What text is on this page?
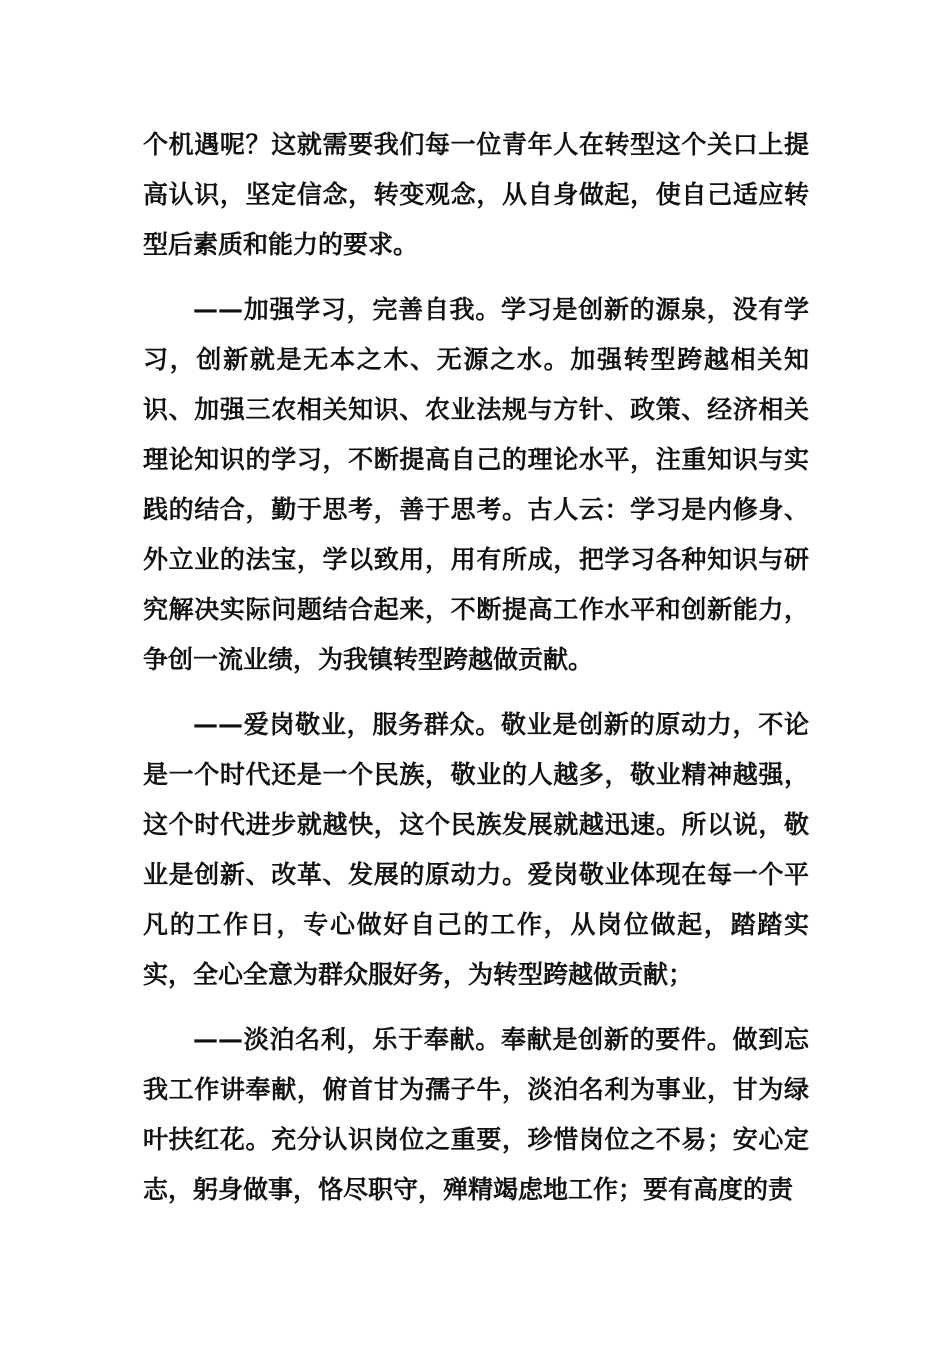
个机遇呢？这就需要我们每一位青年人在转型这个关口上提高认识，坚定信念，转变观念，从自身做起，使自己适应转型后素质和能力的要求。

——加强学习，完善自我。学习是创新的源泉，没有学习，创新就是无本之木、无源之水。加强转型跨越相关知识、加强三农相关知识、农业法规与方针、政策、经济相关理论知识的学习，不断提高自己的理论水平，注重知识与实践的结合，勤于思考，善于思考。古人云：学习是内修身、外立业的法宝，学以致用，用有所成，把学习各种知识与研究解决实际问题结合起来，不断提高工作水平和创新能力，争创一流业绩，为我镇转型跨越做贡献。

——爱岗敬业，服务群众。敬业是创新的原动力，不论是一个时代还是一个民族，敬业的人越多，敬业精神越强，这个时代进步就越快，这个民族发展就越迅速。所以说，敬业是创新、改革、发展的原动力。爱岗敬业体现在每一个平凡的工作日，专心做好自己的工作，从岗位做起，踏踏实实，全心全意为群众服好务，为转型跨越做贡献；

——淡泊名利，乐于奉献。奉献是创新的要件。做到忘我工作讲奉献，俯首甘为孺子牛，淡泊名利为事业，甘为绿叶扶红花。充分认识岗位之重要，珍惜岗位之不易；安心定志，躬身做事，恪尽职守，殚精竭虑地工作；要有高度的责
